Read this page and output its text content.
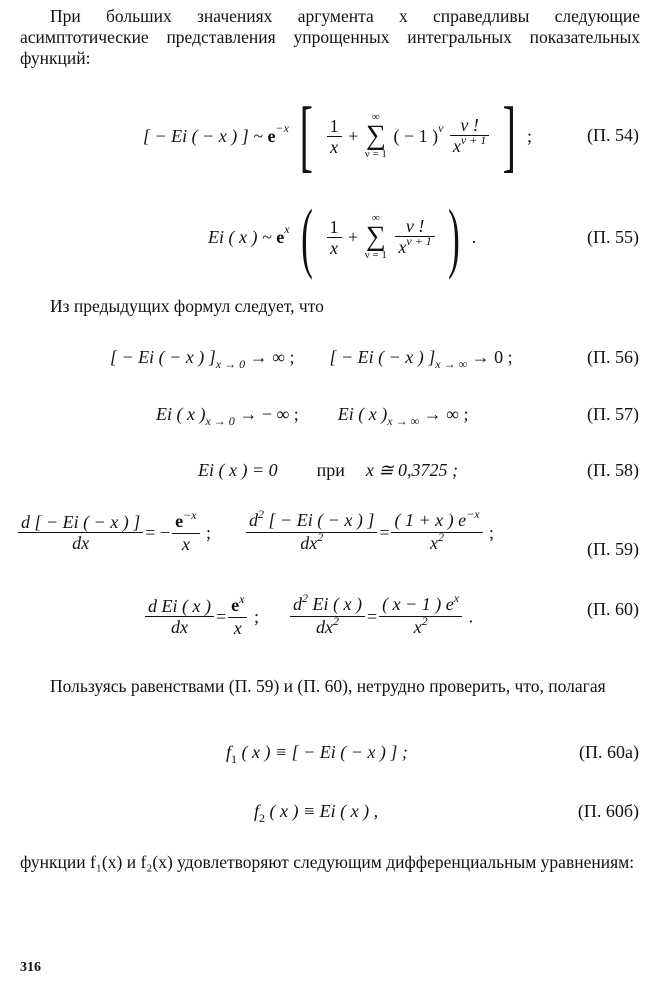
При больших значениях аргумента x справедливы следующие асимптотические представления упрощенных интегральных показательных функций:
[ − Ei ( − x ) ] ~ $e^{-x}$ [ $\frac{1}{x}$ +
∞
∑
ν = 1
( − 1 )$^\nu \frac{\nu !}{x^{\nu + 1}}$ ] ;	(П. 54)
Ei ( x ) ~ $e^x$ ( $\frac{1}{x}$ +
∞
∑
ν = 1
$\frac{\nu !}{x^{\nu + 1}}$ ) .	(П. 55)
Из предыдущих формул следует, что
[ − Ei ( − x ) ]$_{x \to 0}$ → ∞ ; [ − Ei ( − x ) ]$_{x \to \infty} \to 0$ ;	(П. 56)
Ei ( x )$_{x \to 0}$ → − ∞ ; Ei ( x )$_{x \to \infty}$ → ∞ ;	(П. 57)
Ei ( x ) = 0 при x ≅ 0,3725 ;	(П. 58)
$\frac{d [ - Ei ( - x ) ]}{dx}$ = − $\frac{e^{-x}}{x}$ ; $\frac{d^2 [ - Ei ( - x ) ]}{dx^2} = \frac{( 1 + x ) e^{-x}}{x^2}$ ;
(П. 59)
$\frac{\text{d Ei ( x )}}{dx} = \frac{e^x}{x}$ ; $\frac{d^2 Ei ( x )}{dx^2} = \frac{( x - 1 ) e^x}{x^2}$ .	(П. 60)
Пользуясь равенствами (П. 59) и (П. 60), нетрудно проверить, что, полагая
$f_1$ ( x ) ≡ [ − Ei ( − x ) ] ;	(П. 60а)
$f_2$ ( x ) ≡ Ei ( x ) ,	(П. 60б)
функции f₁(x) и f₂(x) удовлетворяют следующим дифференциальным уравнениям:
316
